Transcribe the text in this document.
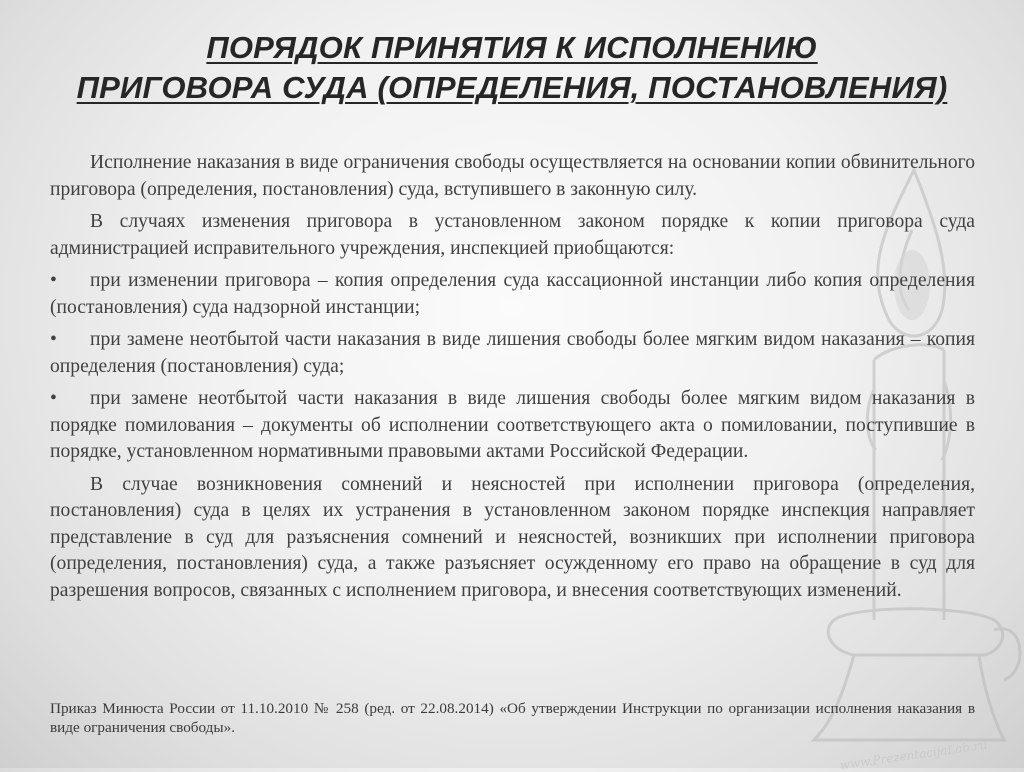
ПОРЯДОК ПРИНЯТИЯ К ИСПОЛНЕНИЮ
ПРИГОВОРА СУДА (ОПРЕДЕЛЕНИЯ, ПОСТАНОВЛЕНИЯ)

Исполнение наказания в виде ограничения свободы осуществляется на основании копии обвинительного приговора (определения, постановления) суда, вступившего в законную силу.

В случаях изменения приговора в установленном законом порядке к копии приговора суда администрацией исправительного учреждения, инспекцией приобщаются:

• при изменении приговора – копия определения суда кассационной инстанции либо копия определения (постановления) суда надзорной инстанции;
• при замене неотбытой части наказания в виде лишения свободы более мягким видом наказания – копия определения (постановления) суда;
• при замене неотбытой части наказания в виде лишения свободы более мягким видом наказания в порядке помилования – документы об исполнении соответствующего акта о помиловании, поступившие в порядке, установленном нормативными правовыми актами Российской Федерации.

В случае возникновения сомнений и неясностей при исполнении приговора (определения, постановления) суда в целях их устранения в установленном законом порядке инспекция направляет представление в суд для разъяснения сомнений и неясностей, возникших при исполнении приговора (определения, постановления) суда, а также разъясняет осужденному его право на обращение в суд для разрешения вопросов, связанных с исполнением приговора, и внесения соответствующих изменений.

Приказ Минюста России от 11.10.2010 № 258 (ред. от 22.08.2014) «Об утверждении Инструкции по организации исполнения наказания в виде ограничения свободы».
www.PrezentacijaLab.ru
